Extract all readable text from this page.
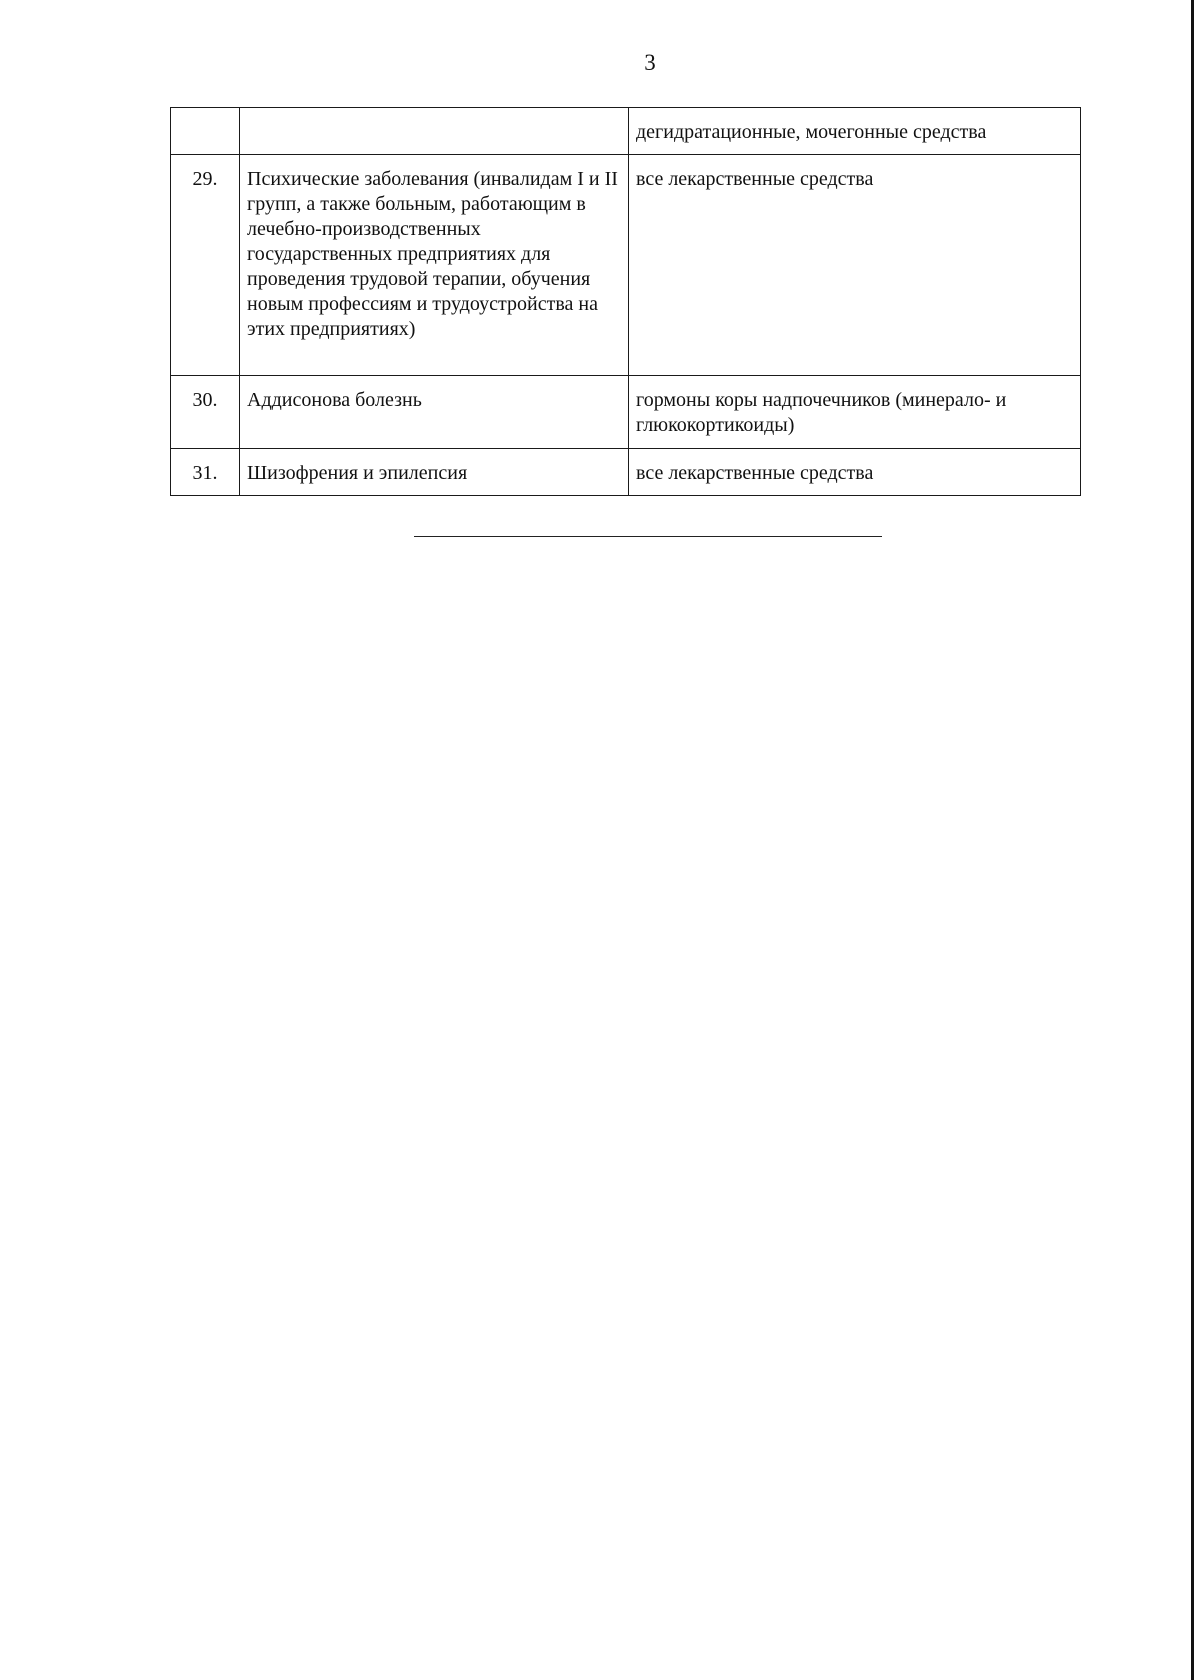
3
		дегидратационные, мочегонные средства
29.	Психические заболевания (инвалидам I и II групп, а также больным, работающим в лечебно-производственных государственных предприятиях для проведения трудовой терапии, обучения новым профессиям и трудоустройства на этих предприятиях)	все лекарственные средства
30.	Аддисонова болезнь	гормоны коры надпочечников (минерало- и глюкокортикоиды)
31.	Шизофрения и эпилепсия	все лекарственные средства
